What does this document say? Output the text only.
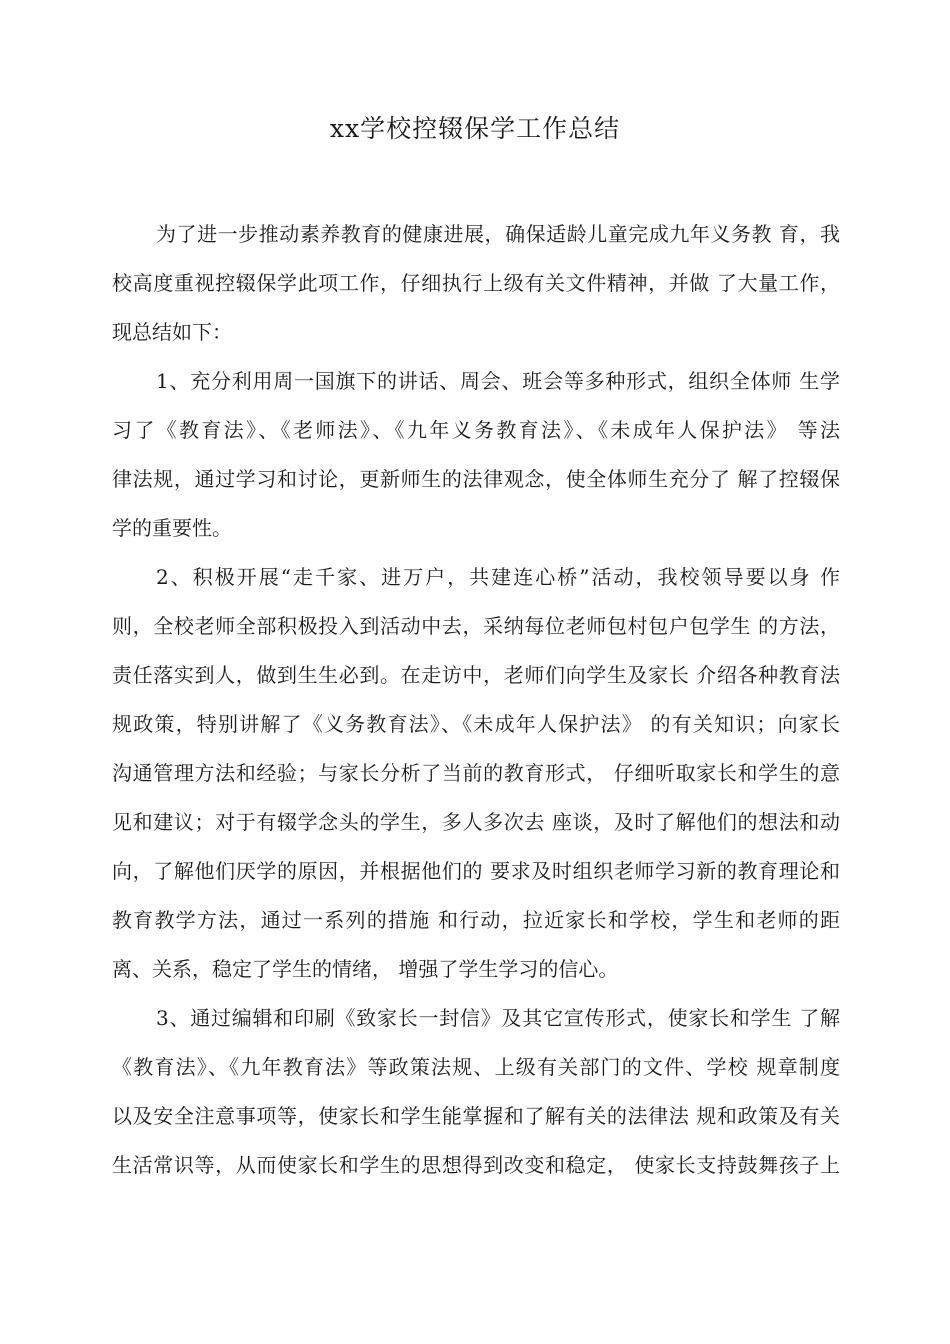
xx学校控辍保学工作总结
为了进一步推动素养教育的健康进展，确保适龄儿童完成九年义务教 育，我
校高度重视控辍保学此项工作，仔细执行上级有关文件精神，并做 了大量工作，
现总结如下：
1、充分利用周一国旗下的讲话、周会、班会等多种形式，组织全体师 生学
习了《教育法》、《老师法》、《九年义务教育法》、《未成年人保护法》 等法
律法规，通过学习和讨论，更新师生的法律观念，使全体师生充分了 解了控辍保
学的重要性。
2、积极开展“走千家、进万户，共建连心桥”活动，我校领导要以身 作
则，全校老师全部积极投入到活动中去，采纳每位老师包村包户包学生 的方法，
责任落实到人，做到生生必到。在走访中，老师们向学生及家长 介绍各种教育法
规政策，特别讲解了《义务教育法》、《未成年人保护法》 的有关知识；向家长
沟通管理方法和经验；与家长分析了当前的教育形式， 仔细听取家长和学生的意
见和建议；对于有辍学念头的学生，多人多次去 座谈，及时了解他们的想法和动
向，了解他们厌学的原因，并根据他们的 要求及时组织老师学习新的教育理论和
教育教学方法，通过一系列的措施 和行动，拉近家长和学校，学生和老师的距
离、关系，稳定了学生的情绪， 增强了学生学习的信心。
3、通过编辑和印刷《致家长一封信》及其它宣传形式，使家长和学生 了解
《教育法》、《九年教育法》等政策法规、上级有关部门的文件、学校 规章制度
以及安全注意事项等，使家长和学生能掌握和了解有关的法律法 规和政策及有关
生活常识等，从而使家长和学生的思想得到改变和稳定， 使家长支持鼓舞孩子上
